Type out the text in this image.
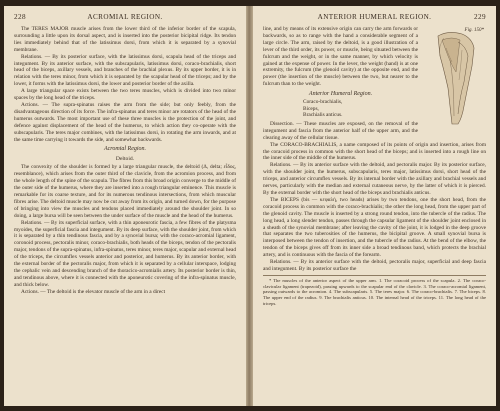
228	ACROMIAL REGION.

The TERES MAJOR muscle arises from the lower third of the inferior border of the scapula, surrounding a little upon its dorsal aspect, and is inserted into the posterior bicipital ridge. Its tendon lies immediately behind that of the latissimus dorsi, from which it is separated by a synovial membrane.

Relations. — By its posterior surface, with the latissimus dorsi, scapula head of the triceps and integument. By its anterior surface, with the subscapularis, latissimus dorsi, coraco-brachialis, short head of the biceps, axillary vessels, and branches of the brachial plexus. By its upper border, it is in relation with the teres minor, from which it is separated by the scapular head of the triceps; and by the lower, it forms with the latissimus dorsi, the lower and posterior border of the axilla.

A large triangular space exists between the two teres muscles, which is divided into two minor spaces by the long head of the triceps.

Actions. — The supra-spinatus raises the arm from the side; but only feebly, from the disadvantageous direction of its force. The infra-spinatus and teres minor are rotators of the head of the humerus outwards. The most important use of these three muscles is the protection of the joint, and defence against displacement of the head of the humerus, to which action they co-operate with the subscapularis. The teres major combines, with the latissimus dorsi, in rotating the arm inwards, and at the same time carrying it towards the side, and somewhat backwards.

Acromial Region.
Deltoid.

The convexity of the shoulder is formed by a large triangular muscle, the deltoid (Δ, delta; εἶδος, resemblance), which arises from the outer third of the clavicle, from the acromion process, and from the whole length of the spine of the scapula. The fibres from this broad origin converge to the middle of the outer side of the humerus, where they are inserted into a rough triangular eminence. This muscle is remarkable for its coarse texture, and for its numerous tendinous intersections, from which muscular fibres arise. The deltoid muscle may now be cut away from its origin, and turned down, for the purpose of bringing into view the muscles and tendons placed immediately around the shoulder joint. In so doing, a large bursa will be seen between the under surface of the muscle and the head of the humerus.

Relations. — By its superficial surface, with a thin aponeurotic fascia, a few fibres of the platysma myoides, the superficial fascia and integument. By its deep surface, with the shoulder joint, from which it is separated by a thin tendinous fascia, and by a synovial bursa; with the coraco-acromial ligament, coronoid process, pectoralis minor, coraco-brachialis, both heads of the biceps, tendon of the pectoralis major, tendons of the supra-spinatus, infra-spinatus, teres minor, teres major, scapular and external head of the triceps, the circumflex vessels anterior and posterior, and humerus. By its anterior border, with the external border of the pectoralis major, from which it is separated by a cellular interspace, lodging the cephalic vein and descending branch of the thoracico-acromialis artery. Its posterior border is thin, and tendinous above, where it is connected with the aponeurotic covering of the infra-spinatus muscle, and thick below.

Actions. — The deltoid is the elevator muscle of the arm in a direct

ANTERIOR HUMERAL REGION.	229

line, and by means of its extensive origin can carry the arm forwards or backwards, so as to range with the hand a considerable segment of a large circle. The arm, raised by the deltoid, is a good illustration of a lever of the third order, its power, or muscle, being situated between the fulcrum and the weight, or in the same manner, by which velocity is gained at the expense of power. In the lever, the weight (hand) is at one extremity, the fulcrum (the glenoid cavity) at the opposite end, and the power (the insertion of the muscle) between the two, but nearer to the fulcrum than to the weight.

Anterior Humeral Region.
Coraco-brachialis,
Biceps,
Brachialis anticus.

Dissection. — These muscles are exposed, on the removal of the integument and fascia from the anterior half of the upper arm, and the clearing away of the cellular tissue.

Fig. 150*

The CORACO-BRACHIALIS, a name composed of its points of origin and insertion, arises from the coracoid process in common with the short head of the biceps; and is inserted into a rough line on the inner side of the middle of the humerus.

Relations. — By its anterior surface with the deltoid, and pectoralis major. By its posterior surface, with the shoulder joint, the humerus, subscapularis, teres major, latissimus dorsi, short head of the triceps, and anterior circumflex vessels. By its internal border with the axillary and brachial vessels and nerves, particularly with the median and external cutaneous nerve, by the latter of which it is pierced. By the external border with the short head of the biceps and brachialis anticus.

The BICEPS (bis — κεφαλὴ, two heads) arises by two tendons, one the short head, from the coracoid process in common with the coraco-brachialis; the other the long head, from the upper part of the glenoid cavity. The muscle is inserted by a strong round tendon, into the tubercle of the radius. The long head, a long slender tendon, passes through the capsular ligament of the shoulder joint enclosed in a sheath of the synovial membrane; after leaving the cavity of the joint, it is lodged in the deep groove that separates the two tuberosities of the humerus, the bicipital groove. A small synovial bursa is interposed between the tendon of insertion, and the tubercle of the radius. At the bend of the elbow, the tendon of the biceps gives off from its inner side a broad tendinous band, which protects the brachial artery, and is continuous with the fascia of the forearm.

Relations. — By its anterior surface with the deltoid, pectoralis major, superficial and deep fascia and integument. By its posterior surface the

* The muscles of the anterior aspect of the upper arm. 1. The coracoid process of the scapula. 2. The coraco-clavicular ligament (trapezoid), passing upwards to the scapular end of the clavicle. 3. The coraco-acromial ligament, passing outwards to the acromion. 4. The subscapularis. 5. The teres major. 6. The coraco-brachialis. 7. The biceps. 8. The upper end of the radius. 9. The brachialis anticus. 10. The internal head of the triceps. 11. The long head of the triceps.
